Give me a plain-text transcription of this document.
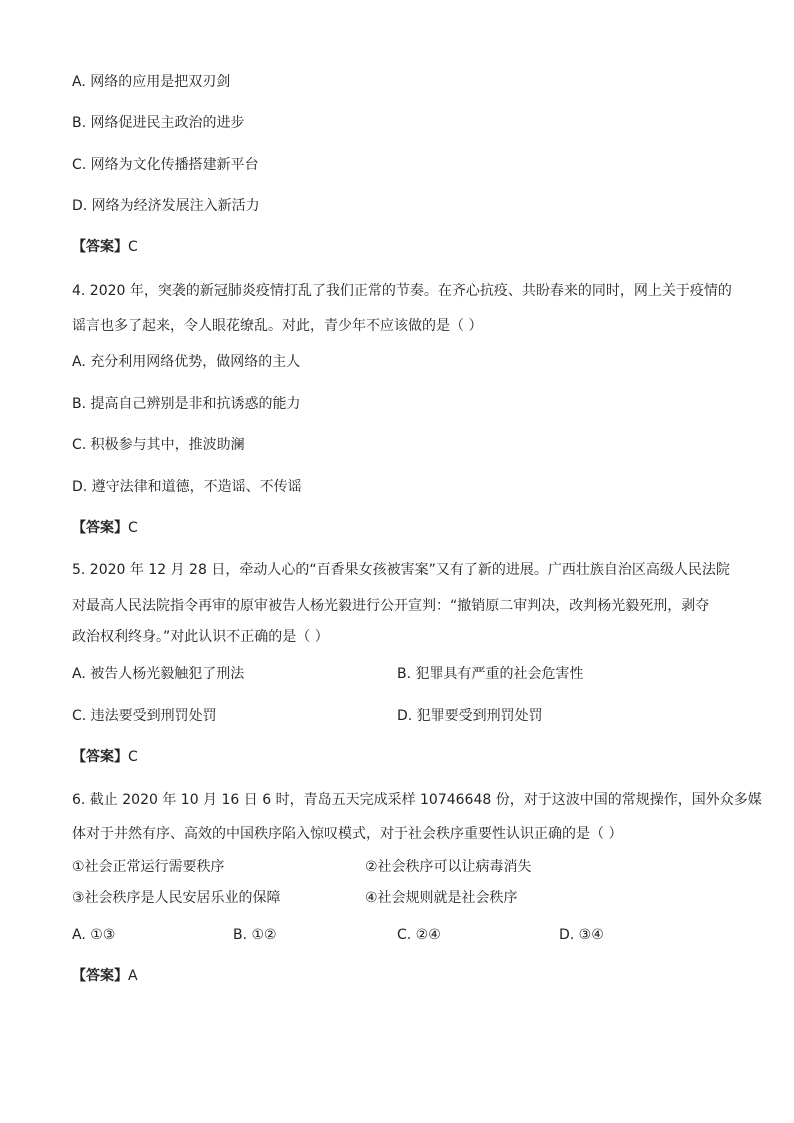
A. 网络的应用是把双刃剑
B. 网络促进民主政治的进步
C. 网络为文化传播搭建新平台
D. 网络为经济发展注入新活力
【答案】C
4. 2020 年，突袭的新冠肺炎疫情打乱了我们正常的节奏。在齐心抗疫、共盼春来的同时，网上关于疫情的
谣言也多了起来，令人眼花缭乱。对此，青少年不应该做的是（ ）
A. 充分利用网络优势，做网络的主人
B. 提高自己辨别是非和抗诱惑的能力
C. 积极参与其中，推波助澜
D. 遵守法律和道德，不造谣、不传谣
【答案】C
5. 2020 年 12 月 28 日，牵动人心的“百香果女孩被害案”又有了新的进展。广西壮族自治区高级人民法院
对最高人民法院指令再审的原审被告人杨光毅进行公开宣判：“撤销原二审判决，改判杨光毅死刑，剥夺
政治权利终身。”对此认识不正确的是（ ）
A. 被告人杨光毅触犯了刑法	B. 犯罪具有严重的社会危害性
C. 违法要受到刑罚处罚	D. 犯罪要受到刑罚处罚
【答案】C
6. 截止 2020 年 10 月 16 日 6 时，青岛五天完成采样 10746648 份，对于这波中国的常规操作，国外众多媒
体对于井然有序、高效的中国秩序陷入惊叹模式，对于社会秩序重要性认识正确的是（ ）
①社会正常运行需要秩序	②社会秩序可以让病毒消失
③社会秩序是人民安居乐业的保障	④社会规则就是社会秩序
A. ①③	B. ①②	C. ②④	D. ③④
【答案】A
